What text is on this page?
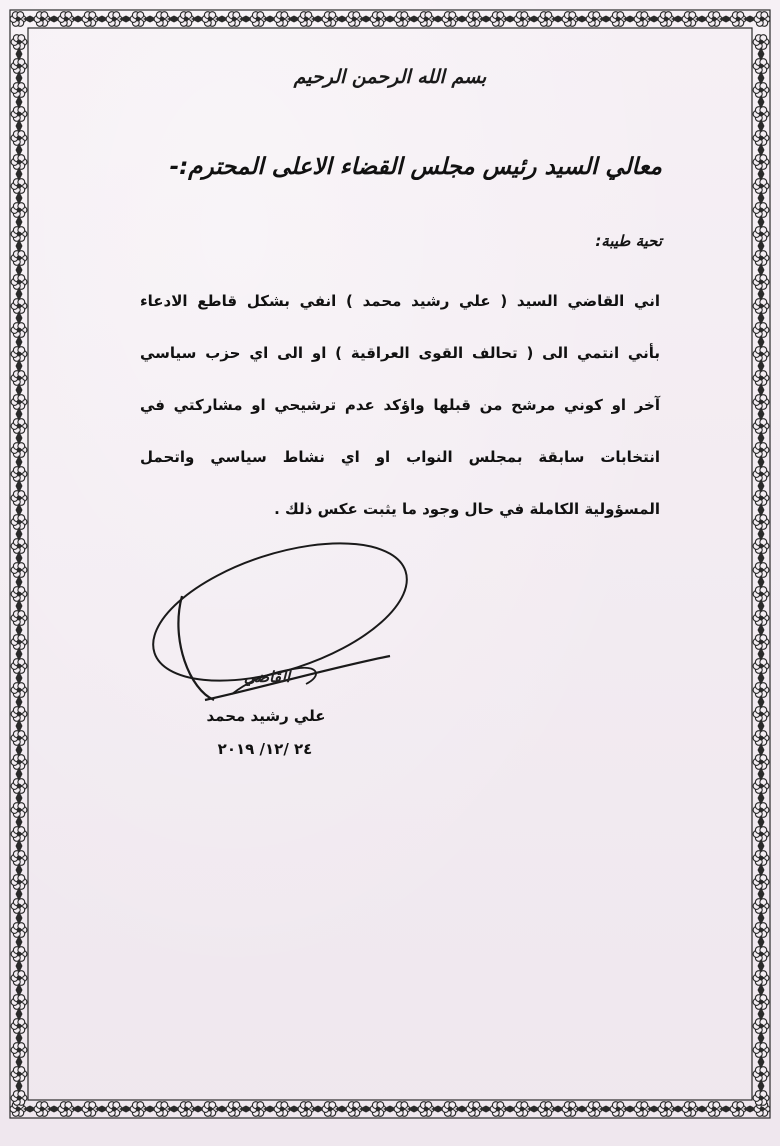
بسم الله الرحمن الرحيم
معالي السيد رئيس مجلس القضاء الاعلى المحترم:-
تحية طيبة:
اني القاضي السيد ( علي رشيد محمد ) انفي بشكل قاطع الادعاء
بأني انتمي الى ( تحالف القوى العراقية ) او الى اي حزب سياسي
آخر او كوني مرشح من قبلها واؤكد عدم ترشيحي او مشاركتي في
انتخابات سابقة بمجلس النواب او اي نشاط سياسي واتحمل
المسؤولية الكاملة في حال وجود ما يثبت عكس ذلك .
القاضي
علي رشيد محمد
٢٤ /١٢/ ٢٠١٩
